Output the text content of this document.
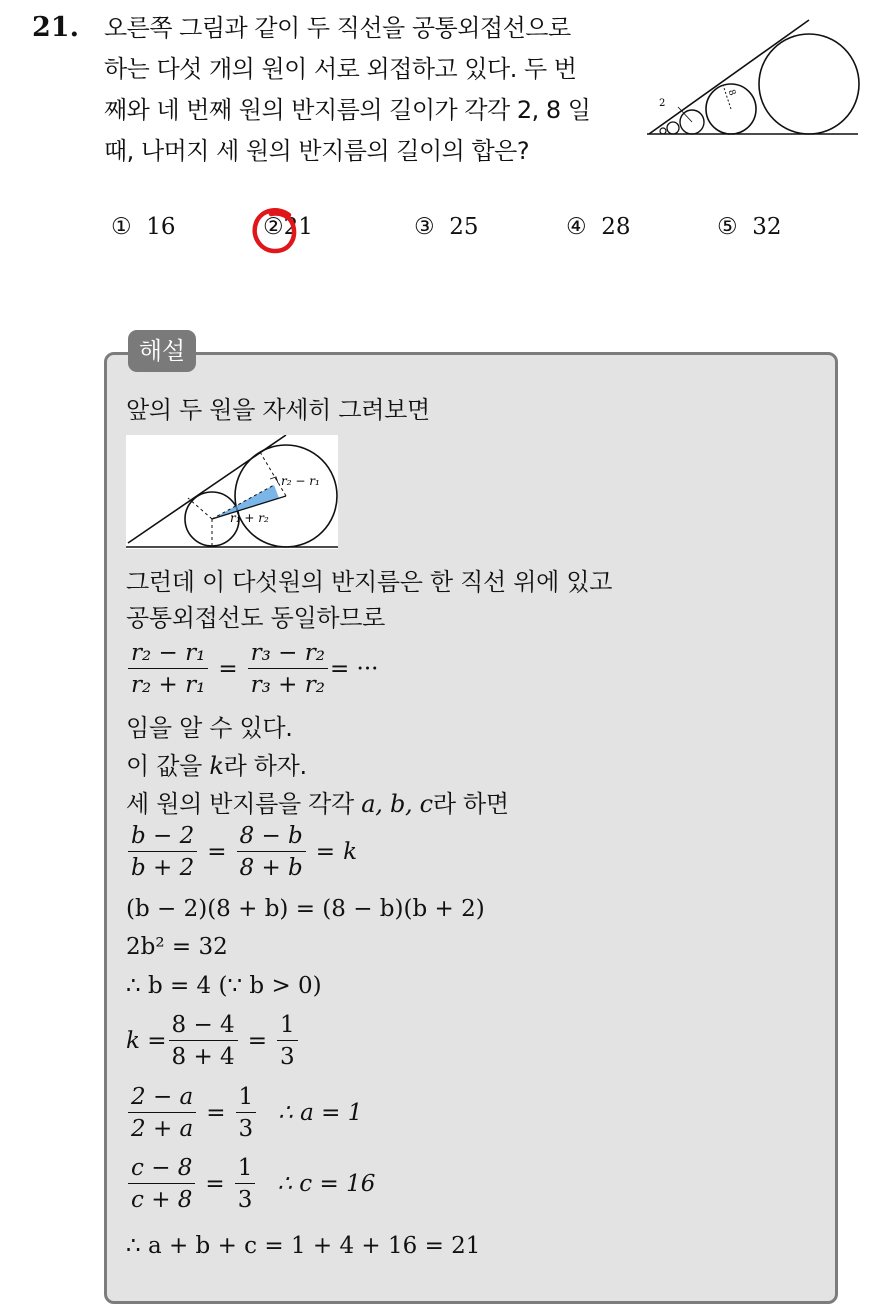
21. 오른쪽 그림과 같이 두 직선을 공통외접선으로
하는 다섯 개의 원이 서로 외접하고 있다. 두 번
째와 네 번째 원의 반지름의 길이가 각각 2, 8 일
때, 나머지 세 원의 반지름의 길이의 합은?
2
8
① 16	②21	③ 25	④ 28	⑤ 32
해설
앞의 두 원을 자세히 그려보면
r₂ − r₁
r₁ + r₂
그런데 이 다섯원의 반지름은 한 직선 위에 있고
공통외접선도 동일하므로
$\frac{\text{r₂ − r₁}}{\text{r₂ + r₁}} = \frac{\text{r₃ − r₂}}{\text{r₃ + r₂}}$ = ···
임을 알 수 있다.
이 값을 k라 하자.
세 원의 반지름을 각각 a, b, c라 하면
$\frac{b - 2}{b + 2} = \frac{8 - b}{8 + b} = k$
(b − 2)(8 + b) = (8 − b)(b + 2)
2b² = 32
∴ b = 4 (∵ b > 0)
$k = \frac{8 - 4}{8 + 4} = \frac{1}{3}$
$\frac{2 - a}{2 + a} = \frac{1}{3}$ ∴ a = 1
$\frac{c - 8}{c + 8} = \frac{1}{3}$ ∴ c = 16
∴ a + b + c = 1 + 4 + 16 = 21
